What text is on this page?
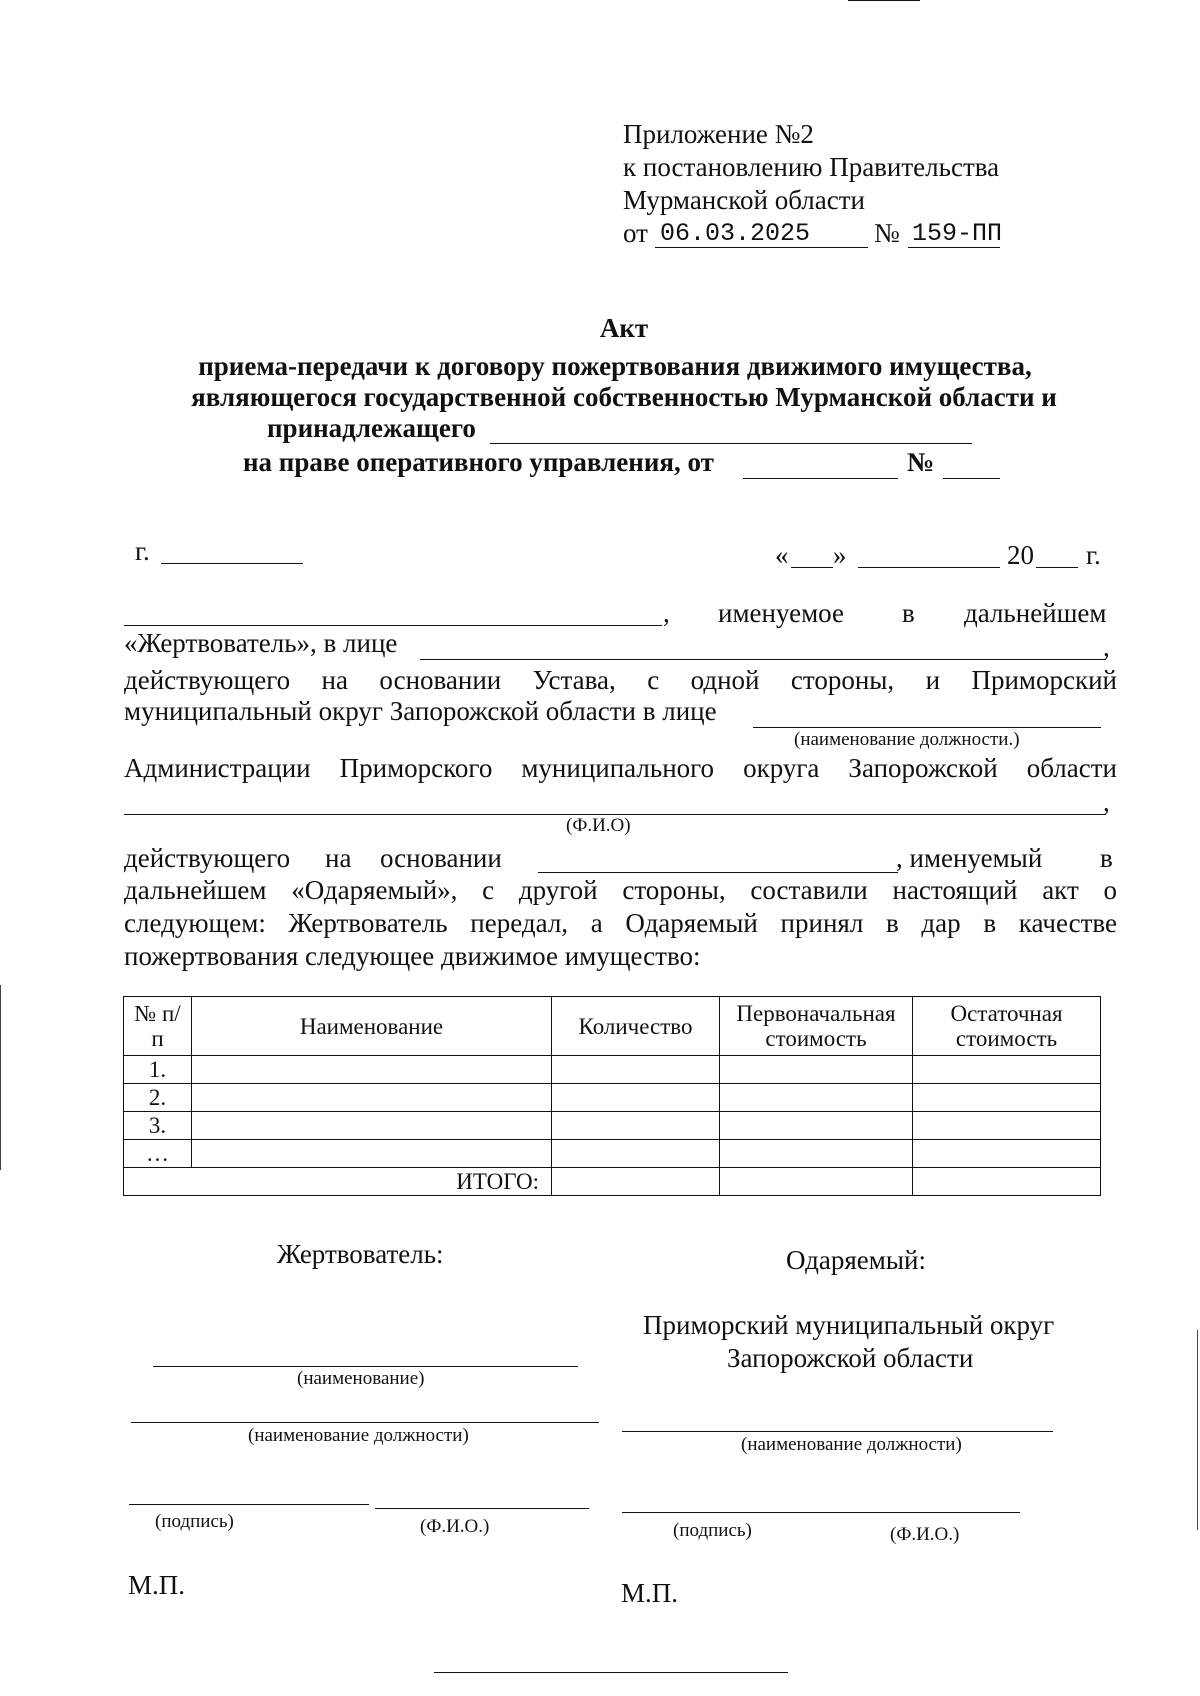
Приложение №2
к постановлению Правительства
Мурманской области
от 06.03.2025 № 159-ПП
Акт
приема-передачи к договору пожертвования движимого имущества,
являющегося государственной собственностью Мурманской области и
принадлежащего
на праве оперативного управления, от	№
г.	« »	20 г.
, именуемое в дальнейшем
«Жертвователь», в лице	,
действующего на основании Устава, с одной стороны, и Приморский
муниципальный округ Запорожской области в лице
(наименование должности.)
Администрации Приморского муниципального округа Запорожской области
,
(Ф.И.О)
действующего на основании	, именуемый в
дальнейшем «Одаряемый», с другой стороны, составили настоящий акт о
следующем: Жертвователь передал, а Одаряемый принял в дар в качестве
пожертвования следующее движимое имущество:
№ п/п	Наименование	Количество	Первоначальная стоимость	Остаточная стоимость
1.				
2.				
3.				
…				
ИТОГО:				
Жертвователь:
(наименование)
(наименование должности)
(подпись)	(Ф.И.О.)
М.П.
Одаряемый:
Приморский муниципальный округ
Запорожской области
(наименование должности)
(подпись)	(Ф.И.О.)
М.П.
